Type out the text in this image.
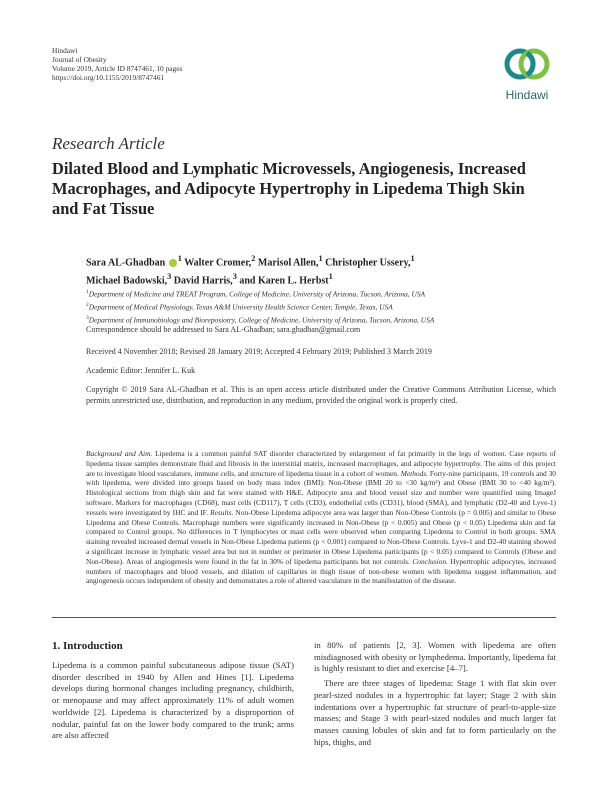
Hindawi
Journal of Obesity
Volume 2019, Article ID 8747461, 10 pages
https://doi.org/10.1155/2019/8747461
Hindawi
Research Article
Dilated Blood and Lymphatic Microvessels, Angiogenesis, Increased Macrophages, and Adipocyte Hypertrophy in Lipedema Thigh Skin and Fat Tissue
Sara AL-Ghadban $^1$ Walter Cromer,$^2$ Marisol Allen,$^1$ Christopher Ussery,$^1$
Michael Badowski,$^3$ David Harris,$^3$ and Karen L. Herbst$^1$
$^1$Department of Medicine and TREAT Program, College of Medicine, University of Arizona, Tucson, Arizona, USA
$^2$Department of Medical Physiology, Texas A&M University Health Science Center, Temple, Texas, USA
$^3$Department of Immunobiology and Bioreposiotry, College of Medicine, University of Arizona, Tucson, Arizona, USA
Correspondence should be addressed to Sara AL-Ghadban; sara.ghadban@gmail.com
Received 4 November 2018; Revised 28 January 2019; Accepted 4 February 2019; Published 3 March 2019
Academic Editor: Jennifer L. Kuk
Copyright © 2019 Sara AL-Ghadban et al. This is an open access article distributed under the Creative Commons Attribution License, which permits unrestricted use, distribution, and reproduction in any medium, provided the original work is properly cited.
Background and Aim. Lipedema is a common painful SAT disorder characterized by enlargement of fat primarily in the legs of women. Case reports of lipedema tissue samples demonstrate fluid and fibrosis in the interstitial matrix, increased macrophages, and adipocyte hypertrophy. The aims of this project are to investigate blood vasculature, immune cells, and structure of lipedema tissue in a cohort of women. Methods. Forty-nine participants, 19 controls and 30 with lipedema, were divided into groups based on body mass index (BMI): Non-Obese (BMI 20 to <30 kg/m²) and Obese (BMI 30 to <40 kg/m²). Histological sections from thigh skin and fat were stained with H&E. Adipocyte area and blood vessel size and number were quantified using ImageJ software. Markers for macrophages (CD68), mast cells (CD117), T cells (CD3), endothelial cells (CD31), blood (SMA), and lymphatic (D2-40 and Lyve-1) vessels were investigated by IHC and IF. Results. Non-Obese Lipedema adipocyte area was larger than Non-Obese Controls (p = 0.005) and similar to Obese Lipedema and Obese Controls. Macrophage numbers were significantly increased in Non-Obese (p < 0.005) and Obese (p < 0.05) Lipedema skin and fat compared to Control groups. No differences in T lymphocytes or mast cells were observed when comparing Lipedema to Control in both groups. SMA staining revealed increased dermal vessels in Non-Obese Lipedema patients (p < 0.001) compared to Non-Obese Controls. Lyve-1 and D2-40 staining showed a significant increase in lymphatic vessel area but not in number or perimeter in Obese Lipedema participants (p < 0.05) compared to Controls (Obese and Non-Obese). Areas of angiogenesis were found in the fat in 30% of lipedema participants but not controls. Conclusion. Hypertrophic adipocytes, increased numbers of macrophages and blood vessels, and dilation of capillaries in thigh tissue of non-obese women with lipedema suggest inflammation, and angiogenesis occurs independent of obesity and demonstrates a role of altered vasculature in the manifestation of the disease.
1. Introduction

Lipedema is a common painful subcutaneous adipose tissue (SAT) disorder described in 1940 by Allen and Hines [1]. Lipedema develops during hormonal changes including pregnancy, childbirth, or menopause and may affect approximately 11% of adult women worldwide [2]. Lipedema is characterized by a disproportion of nodular, painful fat on the lower body compared to the trunk; arms are also affected

in 80% of patients [2, 3]. Women with lipedema are often misdiagnosed with obesity or lymphedema. Importantly, lipedema fat is highly resistant to diet and exercise [4–7].

There are three stages of lipedema: Stage 1 with flat skin over pearl-sized nodules in a hypertrophic fat layer; Stage 2 with skin indentations over a hypertrophic fat structure of pearl-to-apple-size masses; and Stage 3 with pearl-sized nodules and much larger fat masses causing lobules of skin and fat to form particularly on the hips, thighs, and
